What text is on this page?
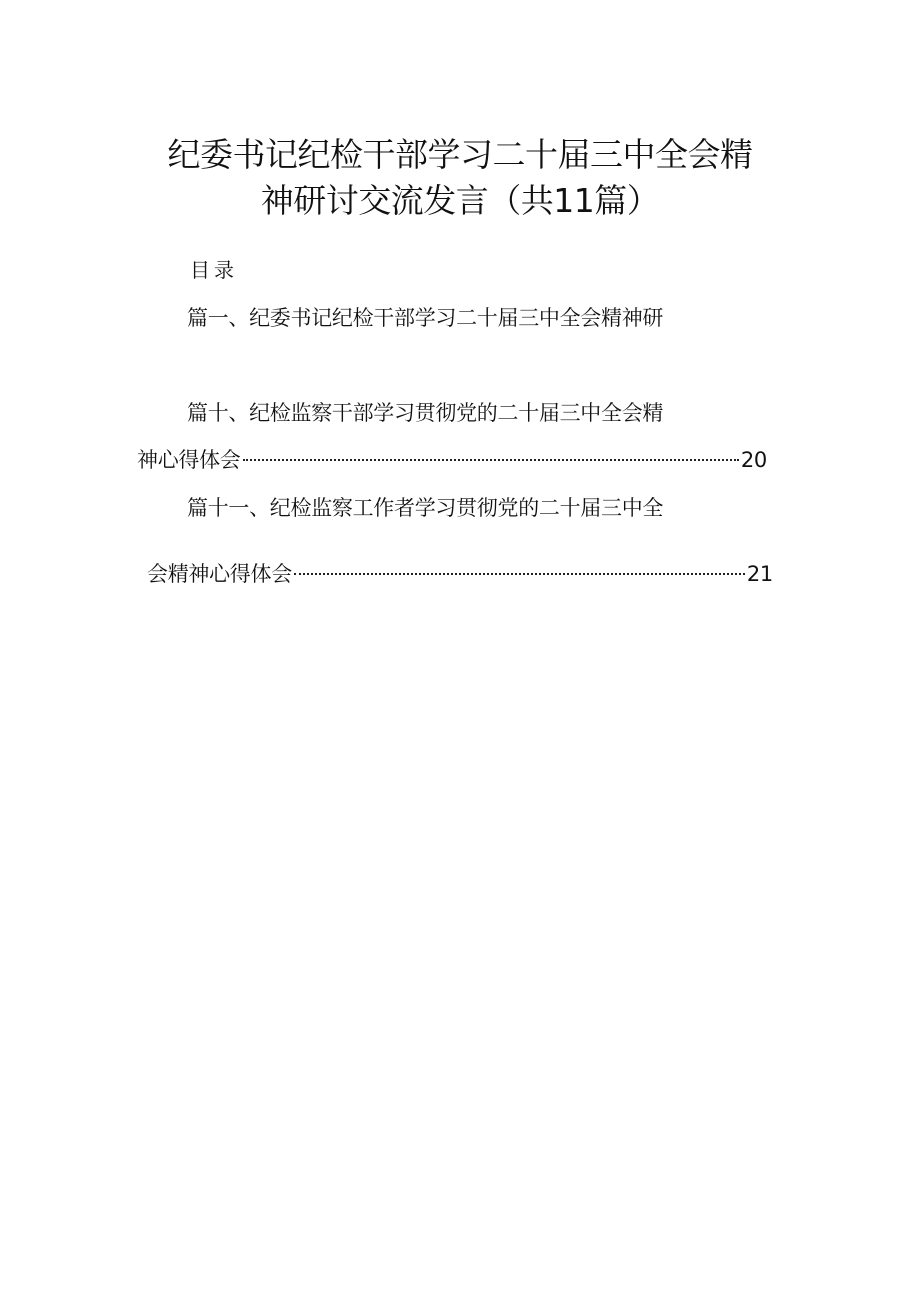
纪委书记纪检干部学习二十届三中全会精
神研讨交流发言（共11篇）
目录
篇一、纪委书记纪检干部学习二十届三中全会精神研
篇十、纪检监察干部学习贯彻党的二十届三中全会精
神心得体会	20
篇十一、纪检监察工作者学习贯彻党的二十届三中全
会精神心得体会	21
